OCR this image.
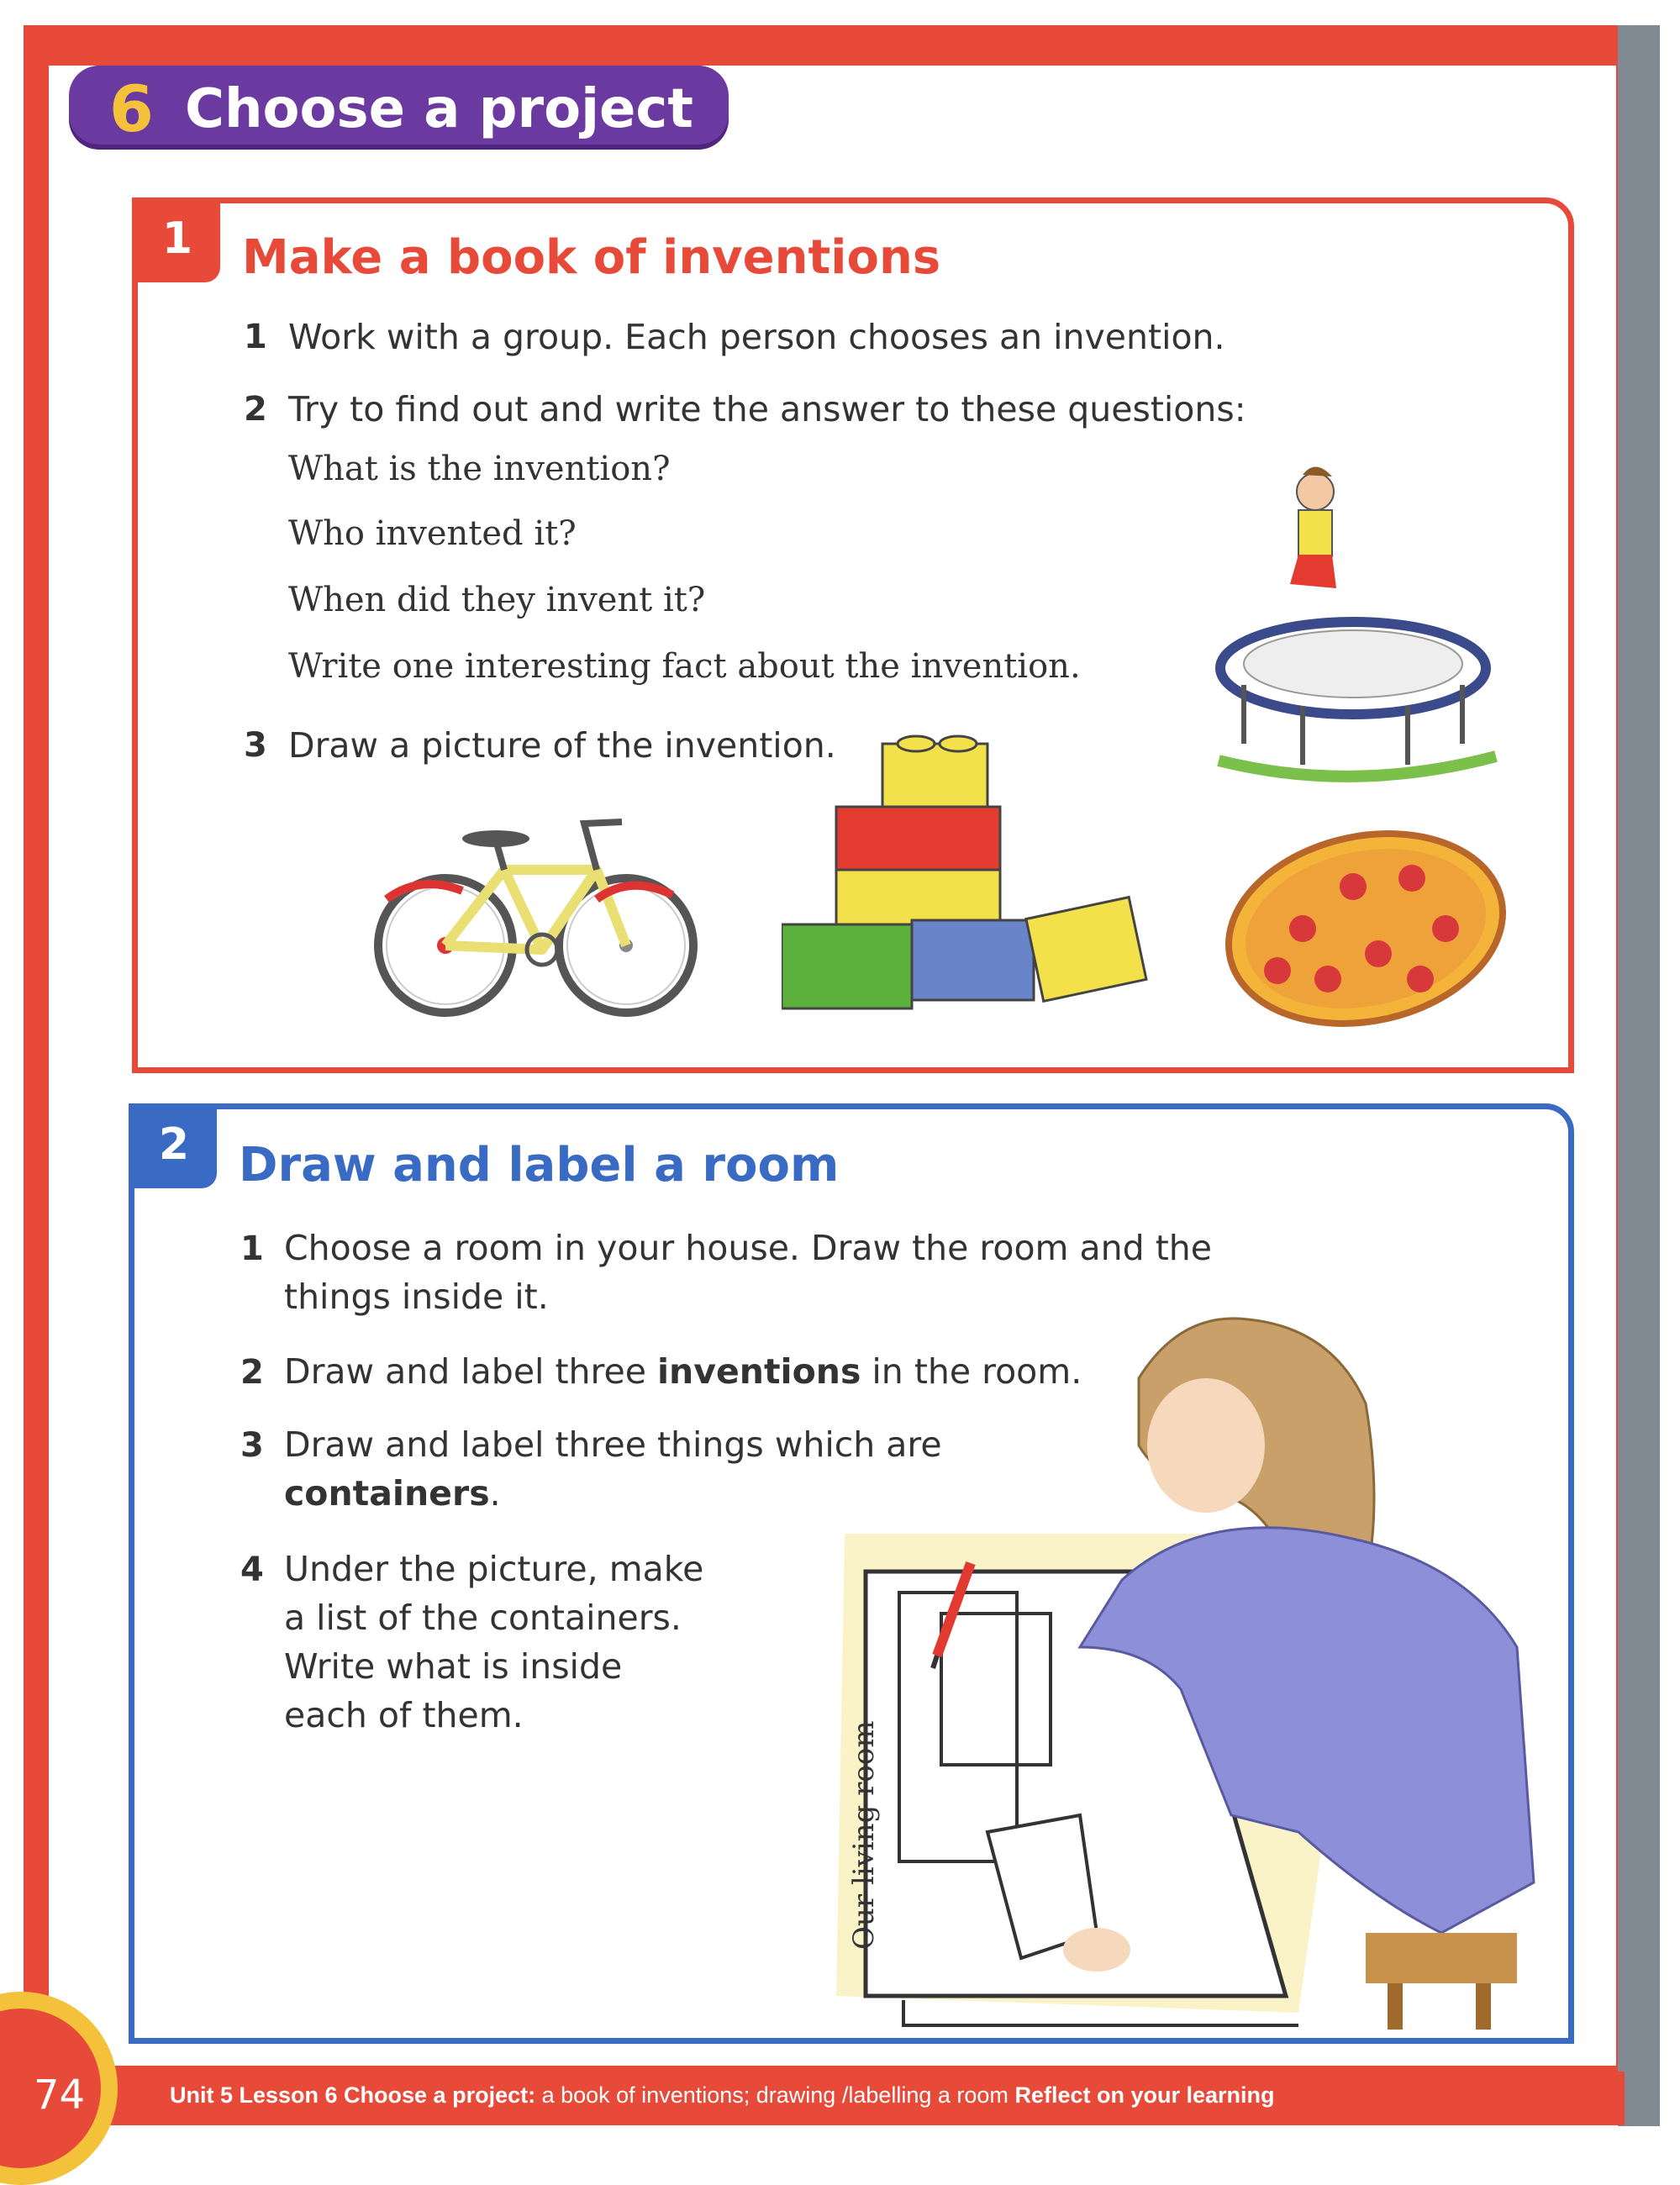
6 Choose a project
1	Make a book of inventions
1 Work with a group. Each person chooses an invention.
2 Try to find out and write the answer to these questions:
What is the invention?
Who invented it?
When did they invent it?
Write one interesting fact about the invention.
3 Draw a picture of the invention.
2	Draw and label a room
1 Choose a room in your house. Draw the room and the
things inside it.
2 Draw and label three inventions in the room.
3 Draw and label three things which are
containers.
4 Under the picture, make
a list of the containers.
Write what is inside
each of them.
Our living room
74	Unit 5 Lesson 6 Choose a project: a book of inventions; drawing /labelling a room Reflect on your learning
